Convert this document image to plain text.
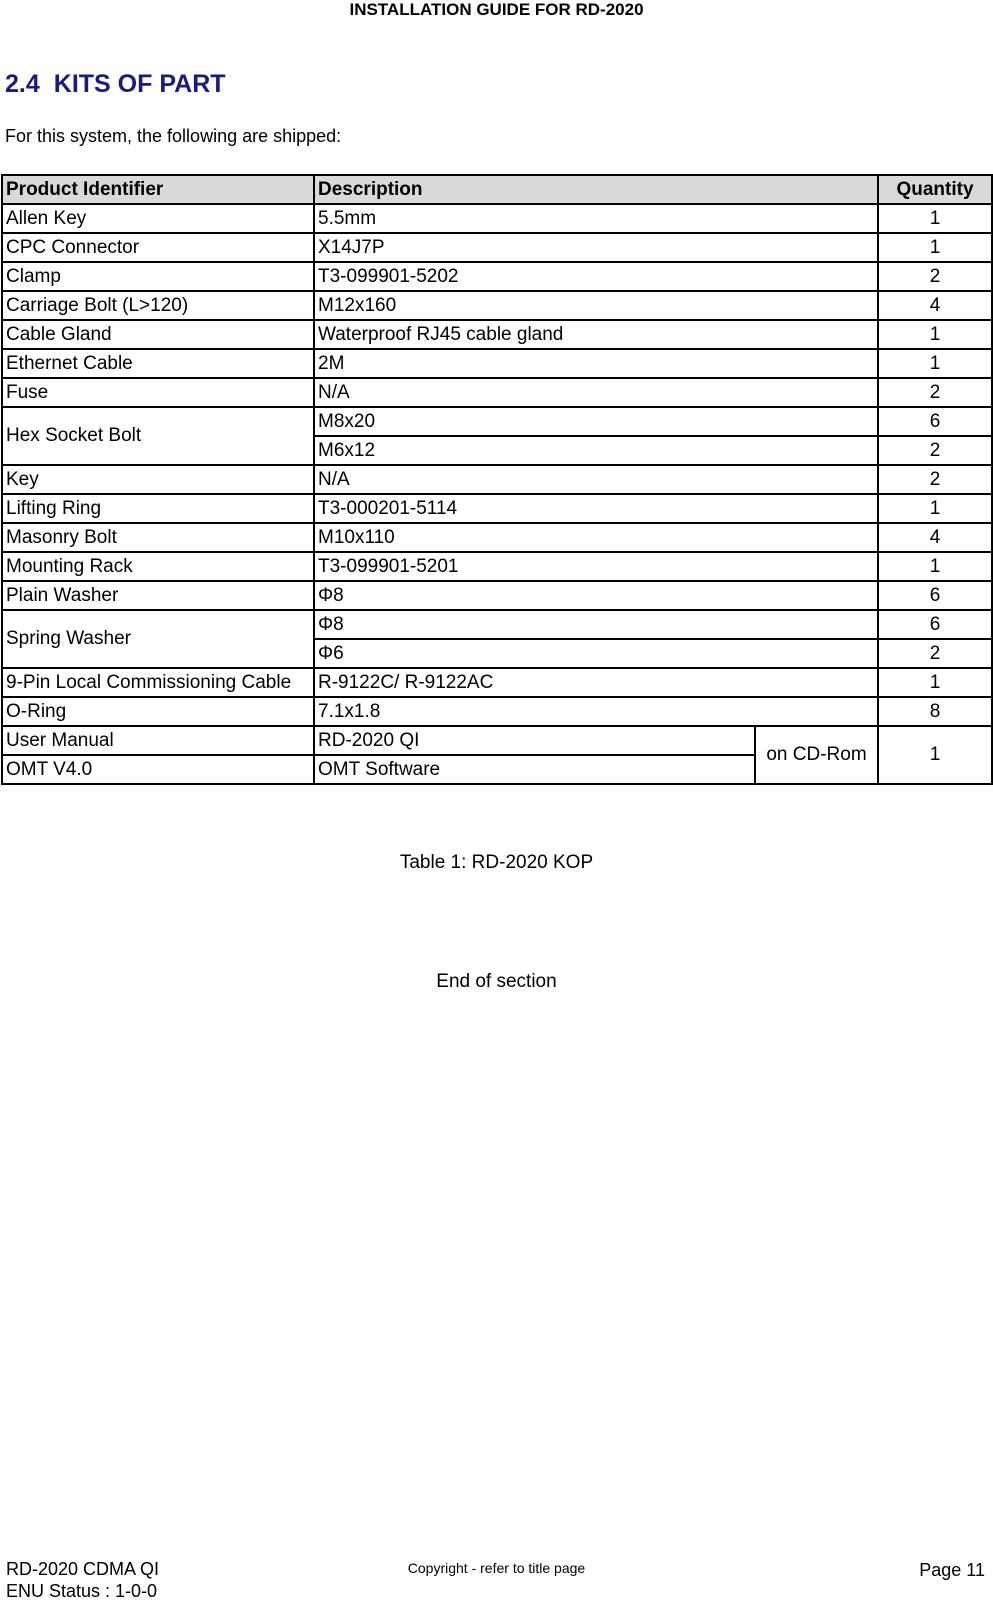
INSTALLATION GUIDE FOR RD-2020
2.4 KITS OF PART
For this system, the following are shipped:
Product Identifier	Description		Quantity
Allen Key	5.5mm		1
CPC Connector	X14J7P		1
Clamp	T3-099901-5202		2
Carriage Bolt (L>120)	M12x160		4
Cable Gland	Waterproof RJ45 cable gland		1
Ethernet Cable	2M		1
Fuse	N/A		2
Hex Socket Bolt	M8x20		6
	M6x12		2
Key	N/A		2
Lifting Ring	T3-000201-5114		1
Masonry Bolt	M10x110		4
Mounting Rack	T3-099901-5201		1
Plain Washer	Φ8		6
Spring Washer	Φ8		6
	Φ6		2
9-Pin Local Commissioning Cable	R-9122C/ R-9122AC		1
O-Ring	7.1x1.8		8
User Manual	RD-2020 QI	on CD-Rom	1
OMT V4.0	OMT Software		
Table 1: RD-2020 KOP
End of section
RD-2020 CDMA QI
ENU Status : 1-0-0
Copyright - refer to title page	Page 11
